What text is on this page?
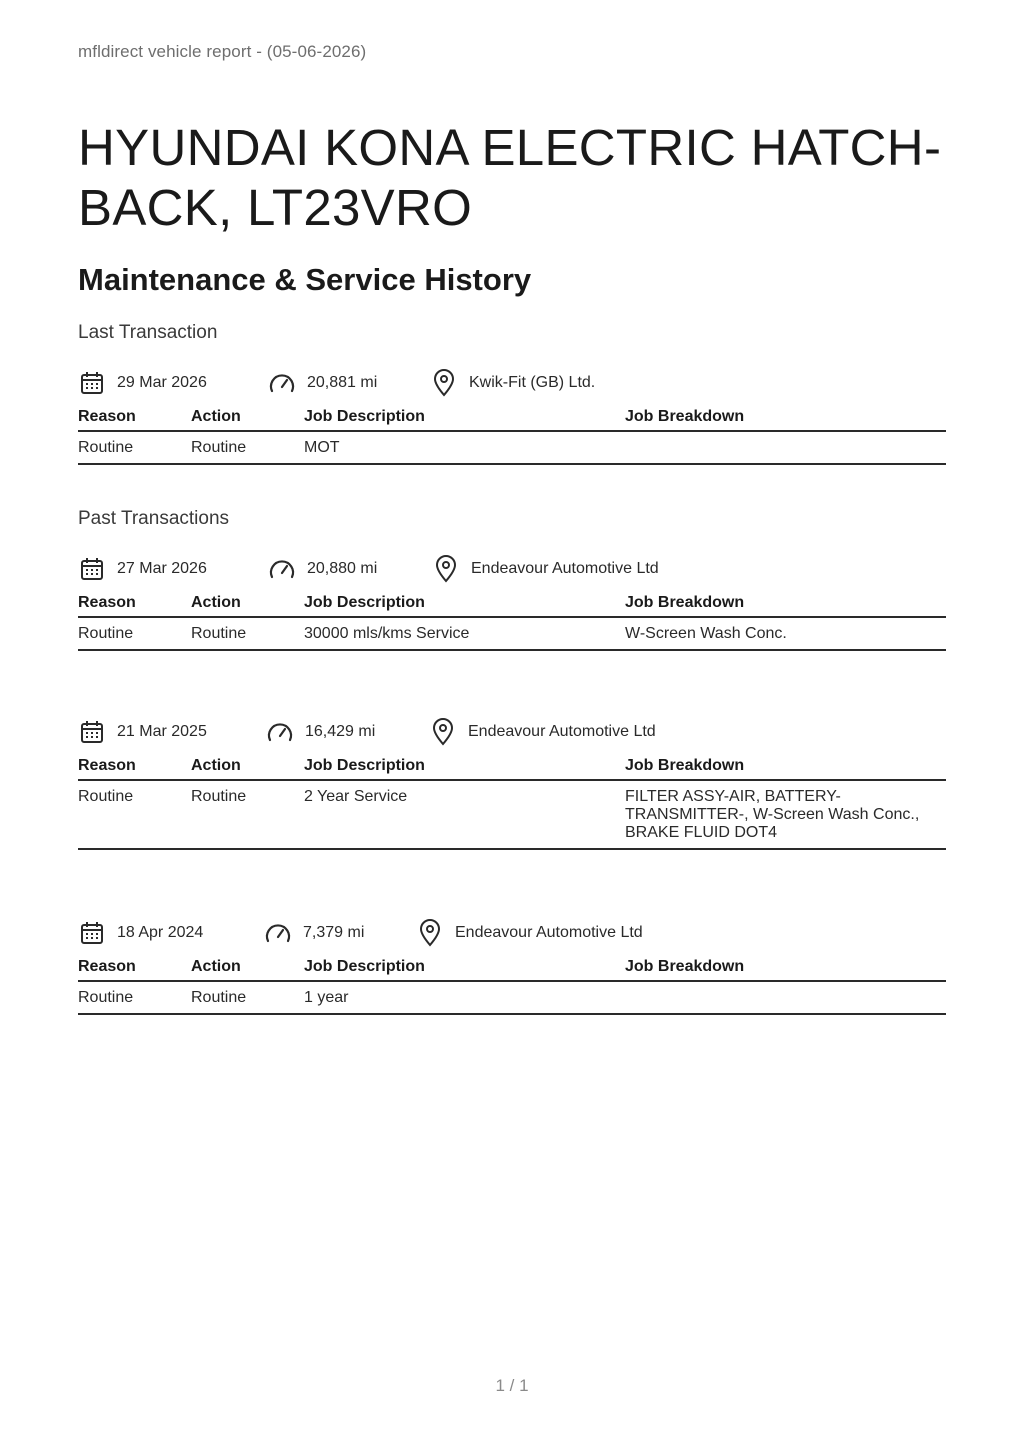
mfldirect vehicle report - (05-06-2026)
HYUNDAI KONA ELECTRIC HATCH-BACK, LT23VRO
Maintenance & Service History
Last Transaction
29 Mar 2026	20,881 mi	Kwik-Fit (GB) Ltd.
Reason	Action	Job Description	Job Breakdown
Routine	Routine	MOT	
Past Transactions
27 Mar 2026	20,880 mi	Endeavour Automotive Ltd
Reason	Action	Job Description	Job Breakdown
Routine	Routine	30000 mls/kms Service	W-Screen Wash Conc.
21 Mar 2025	16,429 mi	Endeavour Automotive Ltd
Reason	Action	Job Description	Job Breakdown
Routine	Routine	2 Year Service	FILTER ASSY-AIR, BATTERY-TRANSMITTER-, W-Screen Wash Conc., BRAKE FLUID DOT4
18 Apr 2024	7,379 mi	Endeavour Automotive Ltd
Reason	Action	Job Description	Job Breakdown
Routine	Routine	1 year	
1 / 1
